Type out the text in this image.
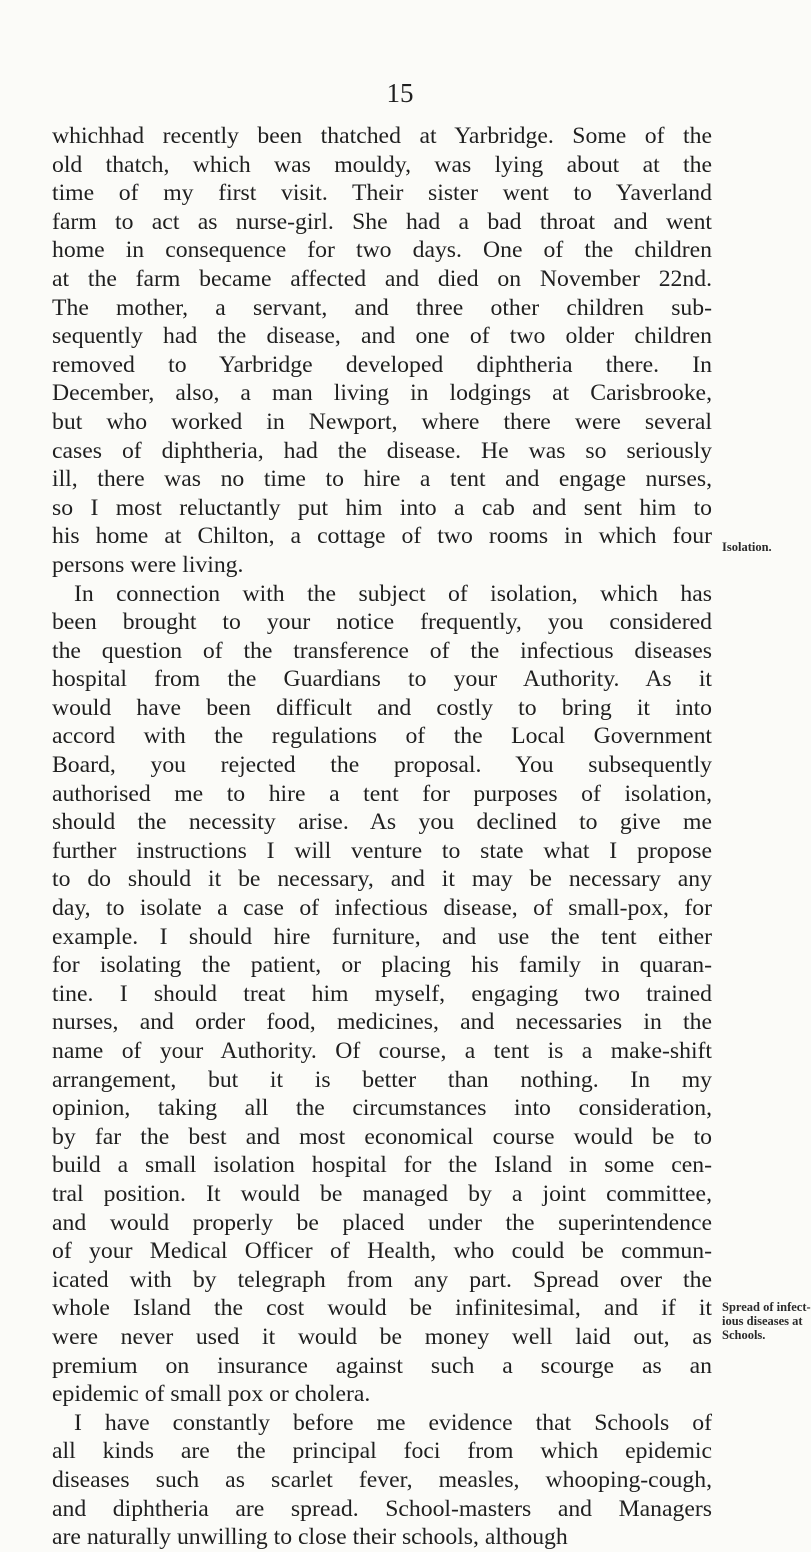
15
whichhad recently been thatched at Yarbridge. Some of the
old thatch, which was mouldy, was lying about at the
time of my first visit. Their sister went to Yaverland
farm to act as nurse-girl. She had a bad throat and went
home in consequence for two days. One of the children
at the farm became affected and died on November 22nd.
The mother, a servant, and three other children sub-
sequently had the disease, and one of two older children
removed to Yarbridge developed diphtheria there. In
December, also, a man living in lodgings at Carisbrooke,
but who worked in Newport, where there were several
cases of diphtheria, had the disease. He was so seriously
ill, there was no time to hire a tent and engage nurses,
so I most reluctantly put him into a cab and sent him to
his home at Chilton, a cottage of two rooms in which four
persons were living.
In connection with the subject of isolation, which has
been brought to your notice frequently, you considered
the question of the transference of the infectious diseases
hospital from the Guardians to your Authority. As it
would have been difficult and costly to bring it into
accord with the regulations of the Local Government
Board, you rejected the proposal. You subsequently
authorised me to hire a tent for purposes of isolation,
should the necessity arise. As you declined to give me
further instructions I will venture to state what I propose
to do should it be necessary, and it may be necessary any
day, to isolate a case of infectious disease, of small-pox, for
example. I should hire furniture, and use the tent either
for isolating the patient, or placing his family in quaran-
tine. I should treat him myself, engaging two trained
nurses, and order food, medicines, and necessaries in the
name of your Authority. Of course, a tent is a make-shift
arrangement, but it is better than nothing. In my
opinion, taking all the circumstances into consideration,
by far the best and most economical course would be to
build a small isolation hospital for the Island in some cen-
tral position. It would be managed by a joint committee,
and would properly be placed under the superintendence
of your Medical Officer of Health, who could be commun-
icated with by telegraph from any part. Spread over the
whole Island the cost would be infinitesimal, and if it
were never used it would be money well laid out, as
premium on insurance against such a scourge as an
epidemic of small pox or cholera.
I have constantly before me evidence that Schools of
all kinds are the principal foci from which epidemic
diseases such as scarlet fever, measles, whooping-cough,
and diphtheria are spread. School-masters and Managers
are naturally unwilling to close their schools, although
Isolation.
Spread of infect-
ious diseases at
Schools.
